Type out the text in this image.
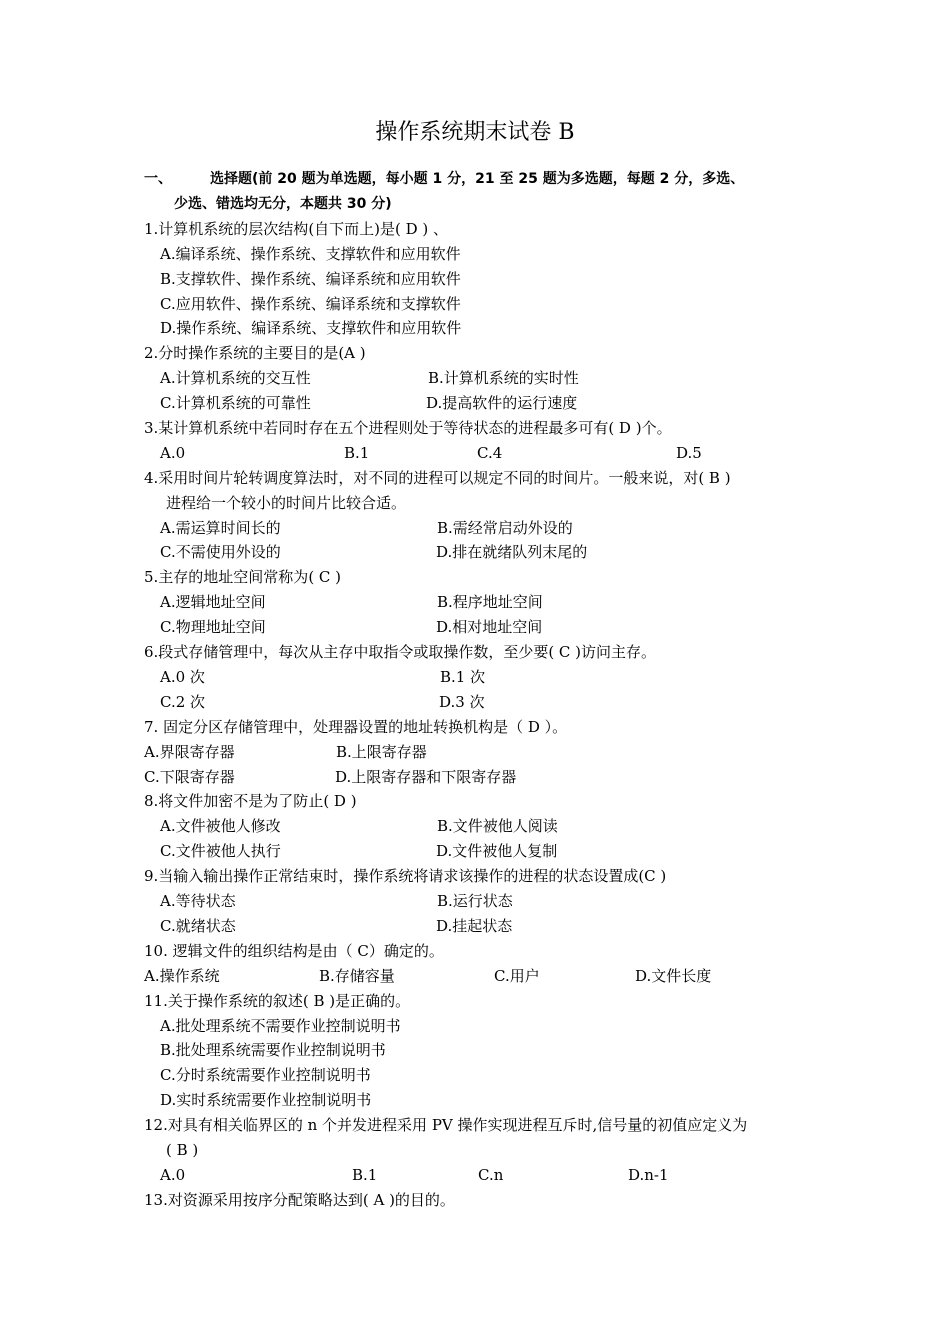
操作系统期末试卷 B
一、	选择题(前 20 题为单选题，每小题 1 分，21 至 25 题为多选题，每题 2 分，多选、
少选、错选均无分，本题共 30 分)
1.计算机系统的层次结构(自下而上)是( D ) 、
A.编译系统、操作系统、支撑软件和应用软件
B.支撑软件、操作系统、编译系统和应用软件
C.应用软件、操作系统、编译系统和支撑软件
D.操作系统、编译系统、支撑软件和应用软件
2.分时操作系统的主要目的是(A )
A.计算机系统的交互性	B.计算机系统的实时性
C.计算机系统的可靠性	D.提高软件的运行速度
3.某计算机系统中若同时存在五个进程则处于等待状态的进程最多可有( D )个。
A.0	B.1	C.4	D.5
4.采用时间片轮转调度算法时，对不同的进程可以规定不同的时间片。一般来说，对( B )
进程给一个较小的时间片比较合适。
A.需运算时间长的	B.需经常启动外设的
C.不需使用外设的	D.排在就绪队列末尾的
5.主存的地址空间常称为( C )
A.逻辑地址空间	B.程序地址空间
C.物理地址空间	D.相对地址空间
6.段式存储管理中，每次从主存中取指令或取操作数，至少要( C )访问主存。
A.0 次	B.1 次
C.2 次	D.3 次
7. 固定分区存储管理中，处理器设置的地址转换机构是（ D ）。
A.界限寄存器	B.上限寄存器
C.下限寄存器	D.上限寄存器和下限寄存器
8.将文件加密不是为了防止( D )
A.文件被他人修改	B.文件被他人阅读
C.文件被他人执行	D.文件被他人复制
9.当输入输出操作正常结束时，操作系统将请求该操作的进程的状态设置成(C )
A.等待状态	B.运行状态
C.就绪状态	D.挂起状态
10. 逻辑文件的组织结构是由（ C）确定的。
A.操作系统	B.存储容量	C.用户	D.文件长度
11.关于操作系统的叙述( B )是正确的。
A.批处理系统不需要作业控制说明书
B.批处理系统需要作业控制说明书
C.分时系统需要作业控制说明书
D.实时系统需要作业控制说明书
12.对具有相关临界区的 n 个并发进程采用 PV 操作实现进程互斥时,信号量的初值应定义为
( B )
A.0	B.1	C.n	D.n-1
13.对资源采用按序分配策略达到( A )的目的。
